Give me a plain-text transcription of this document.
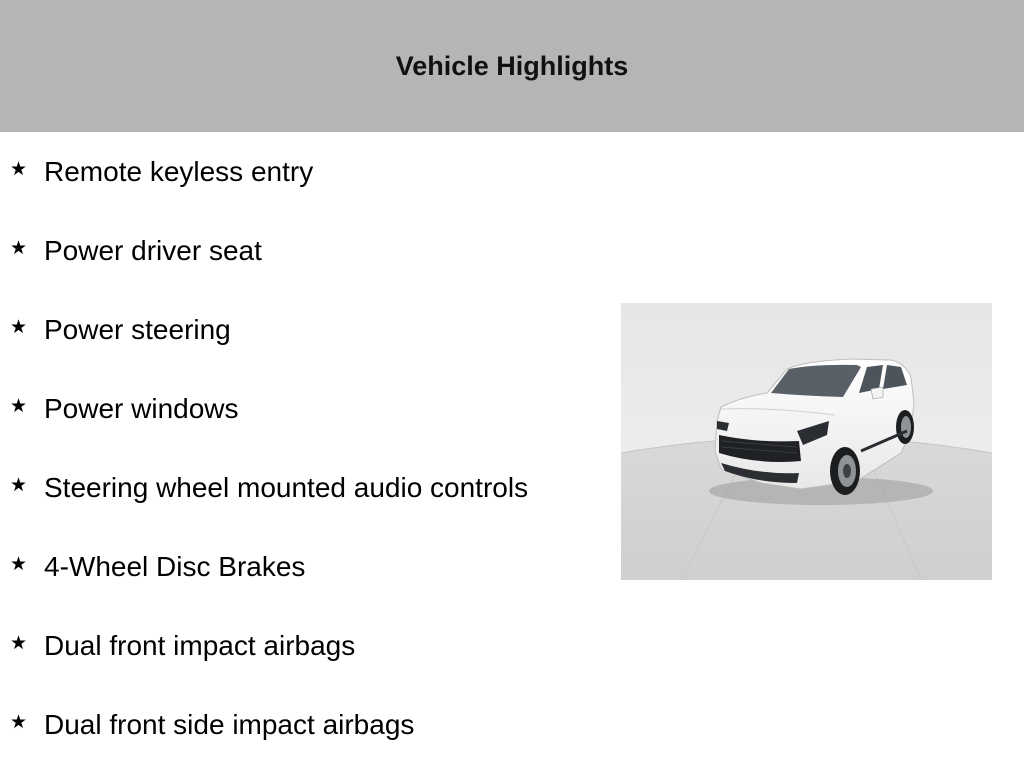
Vehicle Highlights
★ Remote keyless entry
★ Power driver seat
★ Power steering
★ Power windows
★ Steering wheel mounted audio controls
★ 4-Wheel Disc Brakes
★ Dual front impact airbags
★ Dual front side impact airbags
